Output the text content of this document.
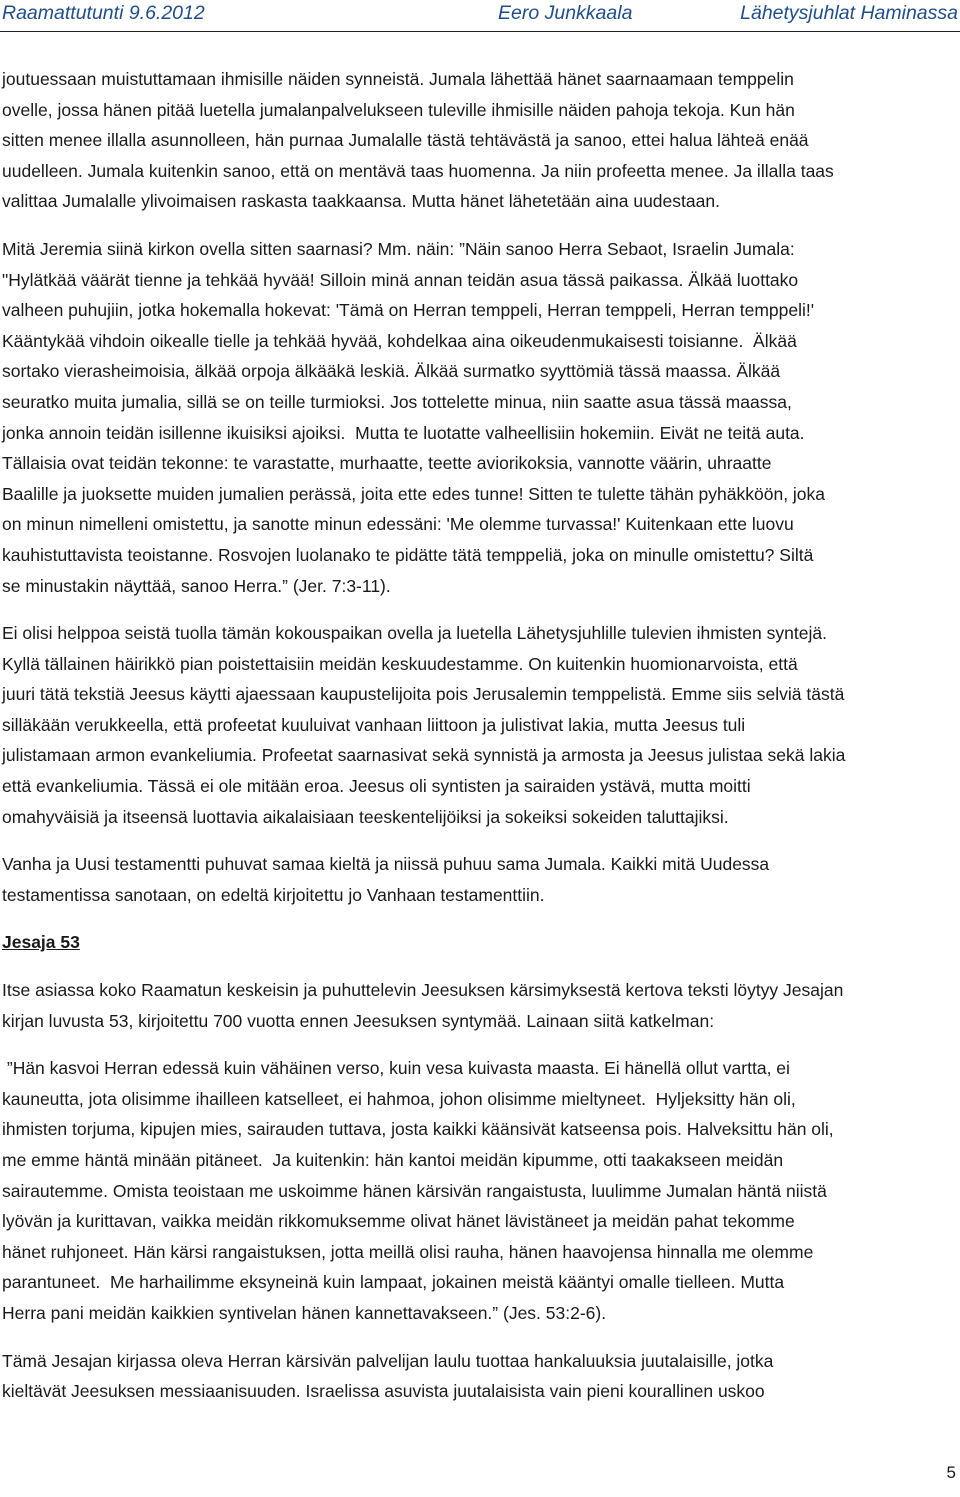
Raamattutunti 9.6.2012	Eero Junkkaala	Lähetysjuhlat Haminassa
joutuessaan muistuttamaan ihmisille näiden synneistä. Jumala lähettää hänet saarnaamaan temppelin
ovelle, jossa hänen pitää luetella jumalanpalvelukseen tuleville ihmisille näiden pahoja tekoja. Kun hän
sitten menee illalla asunnolleen, hän purnaa Jumalalle tästä tehtävästä ja sanoo, ettei halua lähteä enää
uudelleen. Jumala kuitenkin sanoo, että on mentävä taas huomenna. Ja niin profeetta menee. Ja illalla taas
valittaa Jumalalle ylivoimaisen raskasta taakkaansa. Mutta hänet lähetetään aina uudestaan.
Mitä Jeremia siinä kirkon ovella sitten saarnasi? Mm. näin: ”Näin sanoo Herra Sebaot, Israelin Jumala:
"Hylätkää väärät tienne ja tehkää hyvää! Silloin minä annan teidän asua tässä paikassa. Älkää luottako
valheen puhujiin, jotka hokemalla hokevat: 'Tämä on Herran temppeli, Herran temppeli, Herran temppeli!'
Kääntykää vihdoin oikealle tielle ja tehkää hyvää, kohdelkaa aina oikeudenmukaisesti toisianne.  Älkää
sortako vierasheimoisia, älkää orpoja älkääkä leskiä. Älkää surmatko syyttömiä tässä maassa. Älkää
seuratko muita jumalia, sillä se on teille turmioksi. Jos tottelette minua, niin saatte asua tässä maassa,
jonka annoin teidän isillenne ikuisiksi ajoiksi.  Mutta te luotatte valheellisiin hokemiin. Eivät ne teitä auta.
Tällaisia ovat teidän tekonne: te varastatte, murhaatte, teette aviorikoksia, vannotte väärin, uhraatte
Baalille ja juoksette muiden jumalien perässä, joita ette edes tunne! Sitten te tulette tähän pyhäkköön, joka
on minun nimelleni omistettu, ja sanotte minun edessäni: 'Me olemme turvassa!' Kuitenkaan ette luovu
kauhistuttavista teoistanne. Rosvojen luolanako te pidätte tätä temppeliä, joka on minulle omistettu? Siltä
se minustakin näyttää, sanoo Herra.” (Jer. 7:3-11).
Ei olisi helppoa seistä tuolla tämän kokouspaikan ovella ja luetella Lähetysjuhlille tulevien ihmisten syntejä.
Kyllä tällainen häirikkö pian poistettaisiin meidän keskuudestamme. On kuitenkin huomionarvoista, että
juuri tätä tekstiä Jeesus käytti ajaessaan kaupustelijoita pois Jerusalemin temppelistä. Emme siis selviä tästä
silläkään verukkeella, että profeetat kuuluivat vanhaan liittoon ja julistivat lakia, mutta Jeesus tuli
julistamaan armon evankeliumia. Profeetat saarnasivat sekä synnistä ja armosta ja Jeesus julistaa sekä lakia
että evankeliumia. Tässä ei ole mitään eroa. Jeesus oli syntisten ja sairaiden ystävä, mutta moitti
omahyväisiä ja itseensä luottavia aikalaisiaan teeskentelijöiksi ja sokeiksi sokeiden taluttajiksi.
Vanha ja Uusi testamentti puhuvat samaa kieltä ja niissä puhuu sama Jumala. Kaikki mitä Uudessa
testamentissa sanotaan, on edeltä kirjoitettu jo Vanhaan testamenttiin.
Jesaja 53
Itse asiassa koko Raamatun keskeisin ja puhuttelevin Jeesuksen kärsimyksestä kertova teksti löytyy Jesajan
kirjan luvusta 53, kirjoitettu 700 vuotta ennen Jeesuksen syntymää. Lainaan siitä katkelman:
”Hän kasvoi Herran edessä kuin vähäinen verso, kuin vesa kuivasta maasta. Ei hänellä ollut vartta, ei
kauneutta, jota olisimme ihailleen katselleet, ei hahmoa, johon olisimme mieltyneet.  Hyljeksitty hän oli,
ihmisten torjuma, kipujen mies, sairauden tuttava, josta kaikki käänsivät katseensa pois. Halveksittu hän oli,
me emme häntä minään pitäneet.  Ja kuitenkin: hän kantoi meidän kipumme, otti taakakseen meidän
sairautemme. Omista teoistaan me uskoimme hänen kärsivän rangaistusta, luulimme Jumalan häntä niistä
lyövän ja kurittavan, vaikka meidän rikkomuksemme olivat hänet lävistäneet ja meidän pahat tekomme
hänet ruhjoneet. Hän kärsi rangaistuksen, jotta meillä olisi rauha, hänen haavojensa hinnalla me olemme
parantuneet.  Me harhailimme eksyneinä kuin lampaat, jokainen meistä kääntyi omalle tielleen. Mutta
Herra pani meidän kaikkien syntivelan hänen kannettavakseen.” (Jes. 53:2-6).
Tämä Jesajan kirjassa oleva Herran kärsivän palvelijan laulu tuottaa hankaluuksia juutalaisille, jotka
kieltävät Jeesuksen messiaanisuuden. Israelissa asuvista juutalaisista vain pieni kourallinen uskoo
5
